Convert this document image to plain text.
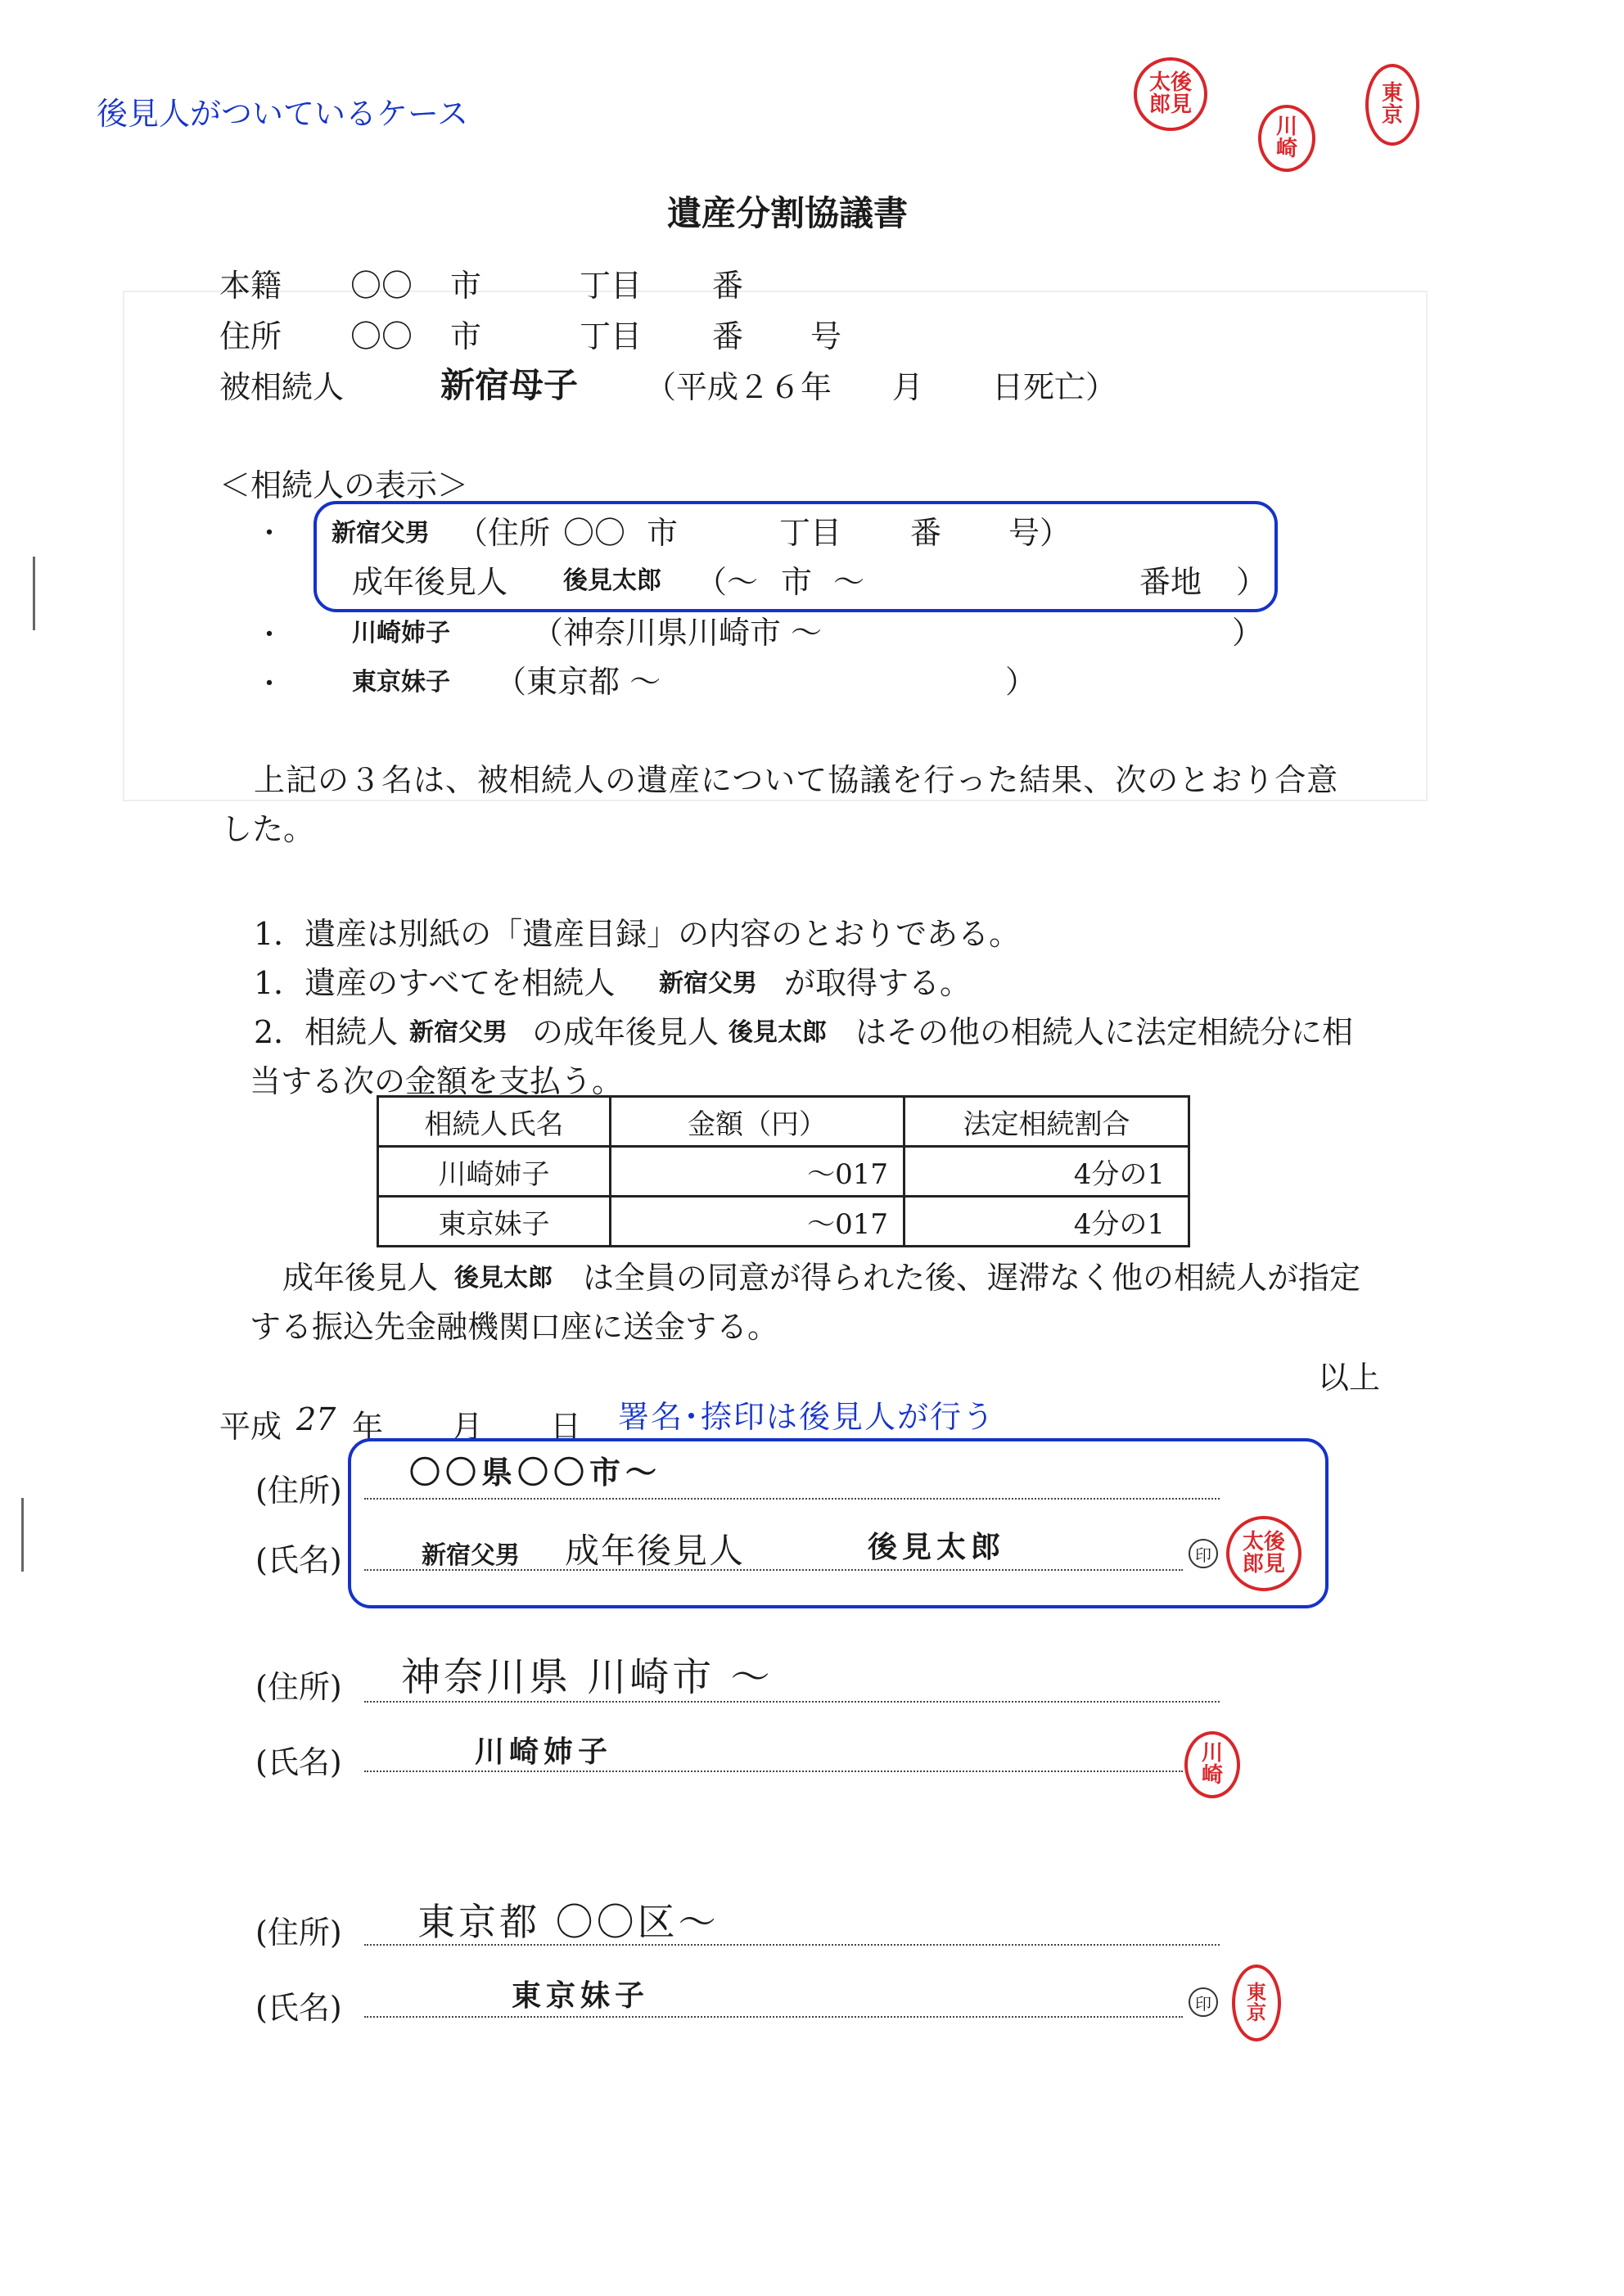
後見人がついているケース
太
郎
後
見
川
崎
東
京
遺産分割協議書
本籍 〇〇 市	丁目 番
住所 〇〇 市	丁目 番 号
被相続人	新宿母子 （平成２６年 月 日死亡）
＜相続人の表示＞
・ 新宿父男 （住所 〇〇 市	丁目 番 号）
成年後見人 後見太郎 （ ～ 市 ～	番地 ）
・	川崎姉子	（神奈川県川崎市 ～	）
・	東京妹子 （東京都 ～	）
上記の３名は、被相続人の遺産について協議を行った結果、次のとおり合意
した。
1．遺産は別紙の「遺産目録」の内容のとおりである。
1．遺産のすべてを相続人 新宿父男 が取得する。
2．相続人 新宿父男 の成年後見人 後見太郎 はその他の相続人に法定相続分に相
当する次の金額を支払う。
相続人氏名	金額（円）	法定相続割合
川崎姉子	～017	4分の1
東京妹子	～017	4分の1
成年後見人 後見太郎 は全員の同意が得られた後、遅滞なく他の相続人が指定
する振込先金融機関口座に送金する。
以上
平成 27 年 月 日 署名･捺印は後見人が行う
(住所) 〇〇県〇〇市～
(氏名)	新宿父男 成年後見人	後見太郎	印
太
郎
後
見
(住所) 神奈川県 川崎市 ～
(氏名)	川崎姉子	川
崎
(住所) 東京都 〇〇区～
(氏名)	東京妹子	印	東
京
